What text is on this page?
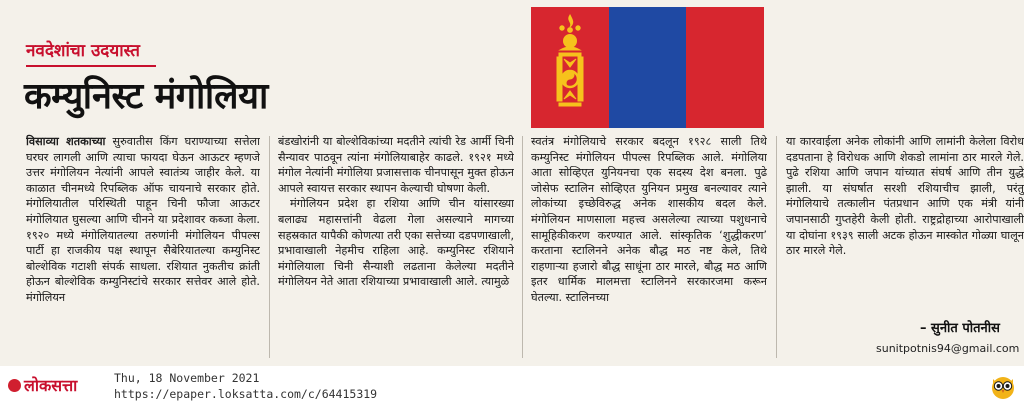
नवदेशांचा उदयास्त
कम्युनिस्ट मंगोलिया

विसाव्या शतकाच्या सुरुवातीस किंग घराण्याच्या सत्तेला घरघर लागली आणि त्याचा फायदा घेऊन आऊटर म्हणजे उत्तर मंगोलियन नेत्यांनी आपले स्वातंत्र्य जाहीर केले. या काळात चीनमध्ये रिपब्लिक ऑफ चायनाचे सरकार होते. मंगोलियातील परिस्थिती पाहून चिनी फौजा आऊटर मंगोलियात घुसल्या आणि चीनने या प्रदेशावर कब्जा केला. १९२० मध्ये मंगोलियातल्या तरुणांनी मंगोलियन पीपल्स पार्टी हा राजकीय पक्ष स्थापून सैबेरियातल्या कम्युनिस्ट बोल्शेविक गटाशी संपर्क साधला. रशियात नुकतीच क्रांती होऊन बोल्शेविक कम्युनिस्टांचे सरकार सत्तेवर आले होते. मंगोलियन

बंडखोरांनी या बोल्शेविकांच्या मदतीने त्यांची रेड आर्मी चिनी सैन्यावर पाठवून त्यांना मंगोलियाबाहेर काढले. १९२१ मध्ये मंगोल नेत्यांनी मंगोलिया प्रजासत्ताक चीनपासून मुक्त होऊन आपले स्वायत्त सरकार स्थापन केल्याची घोषणा केली.

मंगोलियन प्रदेश हा रशिया आणि चीन यांसारख्या बलाढ्य महासत्तांनी वेढला गेला असल्याने मागच्या सहस्रकात यापैकी कोणत्या तरी एका सत्तेच्या दडपणाखाली, प्रभावाखाली नेहमीच राहिला आहे. कम्युनिस्ट रशियाने मंगोलियाला चिनी सैन्याशी लढताना केलेल्या मदतीने मंगोलियन नेते आता रशियाच्या प्रभावाखाली आले. त्यामुळे

स्वतंत्र मंगोलियाचे सरकार बदलून १९२८ साली तिथे कम्युनिस्ट मंगोलियन पीपल्स रिपब्लिक आले. मंगोलिया आता सोव्हिएत युनियनचा एक सदस्य देश बनला. पुढे जोसेफ स्टालिन सोव्हिएत युनियन प्रमुख बनल्यावर त्याने लोकांच्या इच्छेविरुद्ध अनेक शासकीय बदल केले. मंगोलियन माणसाला महत्त्व असलेल्या त्याच्या पशुधनाचे सामूहिकीकरण करण्यात आले. सांस्कृतिक ‘शुद्धीकरण’ करताना स्टालिनने अनेक बौद्ध मठ नष्ट केले, तिथे राहणाऱ्या हजारो बौद्ध साधूंना ठार मारले, बौद्ध मठ आणि इतर धार्मिक मालमत्ता स्टालिनने सरकारजमा करून घेतल्या. स्टालिनच्या

या कारवाईला अनेक लोकांनी आणि लामांनी केलेला विरोध दडपताना हे विरोधक आणि शेकडो लामांना ठार मारले गेले. पुढे रशिया आणि जपान यांच्यात संघर्ष आणि तीन युद्धे झाली. या संघर्षात सरशी रशियाचीच झाली, परंतु मंगोलियाचे तत्कालीन पंतप्रधान आणि एक मंत्री यांनी जपानसाठी गुप्तहेरी केली होती. राष्ट्रद्रोहाच्या आरोपाखाली या दोघांना १९३९ साली अटक होऊन मास्कोत गोळ्या घालून ठार मारले गेले.

– सुनीत पोतनीस
sunitpotnis94@gmail.com
लोकसत्ता	Thu, 18 November 2021
https://epaper.loksatta.com/c/64415319
